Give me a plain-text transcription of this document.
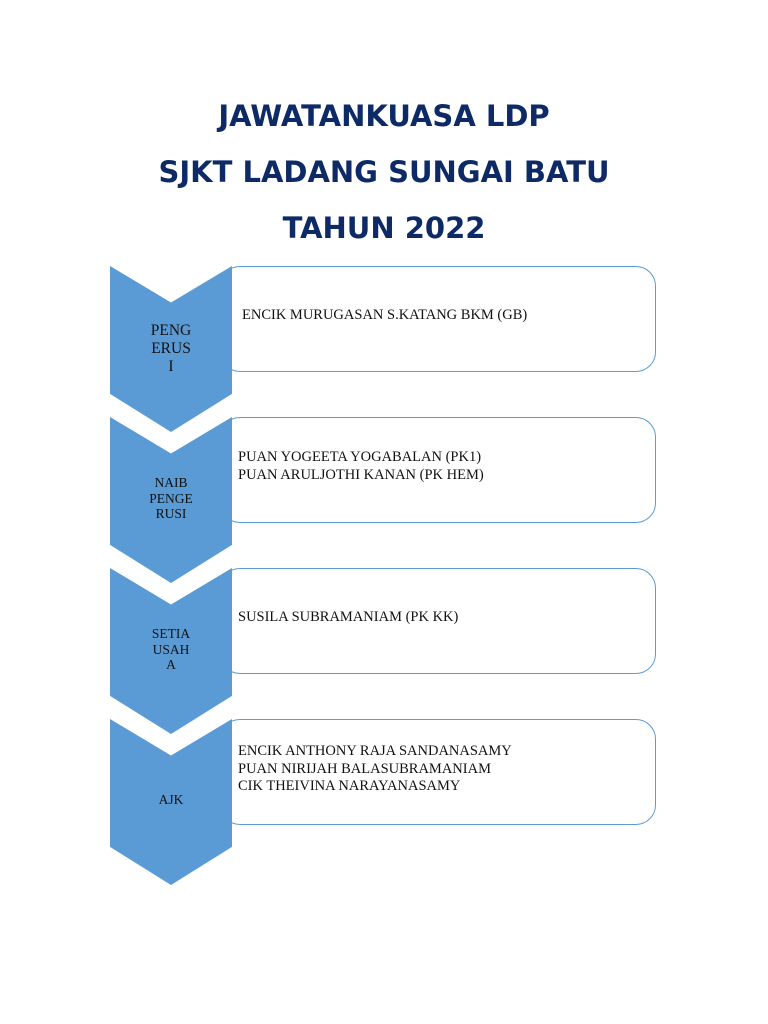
JAWATANKUASA LDP
SJKT LADANG SUNGAI BATU
TAHUN 2022
PENG
ERUS
I
ENCIK MURUGASAN S.KATANG BKM (GB)
NAIB
PENGE
RUSI
PUAN YOGEETA YOGABALAN (PK1)
PUAN ARULJOTHI KANAN (PK HEM)
SETIA
USAH
A
SUSILA SUBRAMANIAM (PK KK)
AJK
ENCIK ANTHONY RAJA SANDANASAMY
PUAN NIRIJAH BALASUBRAMANIAM
CIK THEIVINA NARAYANASAMY
